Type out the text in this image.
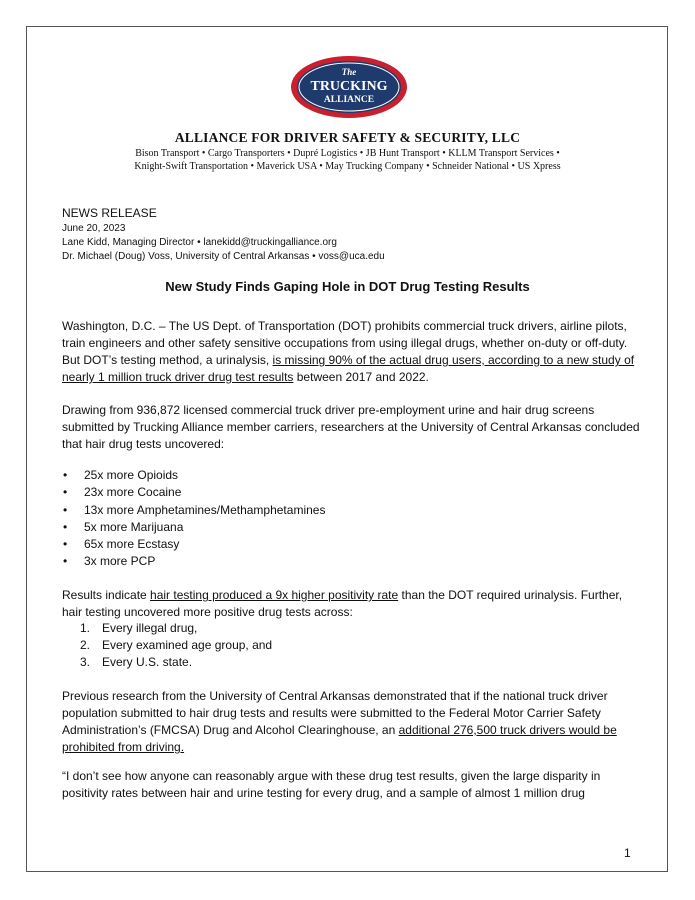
The
TRUCKING
ALLIANCE
ALLIANCE FOR DRIVER SAFETY & SECURITY, LLC
Bison Transport • Cargo Transporters • Dupré Logistics • JB Hunt Transport • KLLM Transport Services •
Knight-Swift Transportation • Maverick USA • May Trucking Company • Schneider National • US Xpress
NEWS RELEASE
June 20, 2023
Lane Kidd, Managing Director • lanekidd@truckingalliance.org
Dr. Michael (Doug) Voss, University of Central Arkansas • voss@uca.edu
New Study Finds Gaping Hole in DOT Drug Testing Results
Washington, D.C. – The US Dept. of Transportation (DOT) prohibits commercial truck drivers, airline pilots, train engineers and other safety sensitive occupations from using illegal drugs, whether on-duty or off-duty. But DOT’s testing method, a urinalysis, is missing 90% of the actual drug users, according to a new study of nearly 1 million truck driver drug test results between 2017 and 2022.
Drawing from 936,872 licensed commercial truck driver pre-employment urine and hair drug screens submitted by Trucking Alliance member carriers, researchers at the University of Central Arkansas concluded that hair drug tests uncovered:
• 25x more Opioids
• 23x more Cocaine
• 13x more Amphetamines/Methamphetamines
• 5x more Marijuana
• 65x more Ecstasy
• 3x more PCP
Results indicate hair testing produced a 9x higher positivity rate than the DOT required urinalysis. Further, hair testing uncovered more positive drug tests across:
1. Every illegal drug,
2. Every examined age group, and
3. Every U.S. state.
Previous research from the University of Central Arkansas demonstrated that if the national truck driver population submitted to hair drug tests and results were submitted to the Federal Motor Carrier Safety Administration’s (FMCSA) Drug and Alcohol Clearinghouse, an additional 276,500 truck drivers would be prohibited from driving.
“I don’t see how anyone can reasonably argue with these drug test results, given the large disparity in positivity rates between hair and urine testing for every drug, and a sample of almost 1 million drug
1
